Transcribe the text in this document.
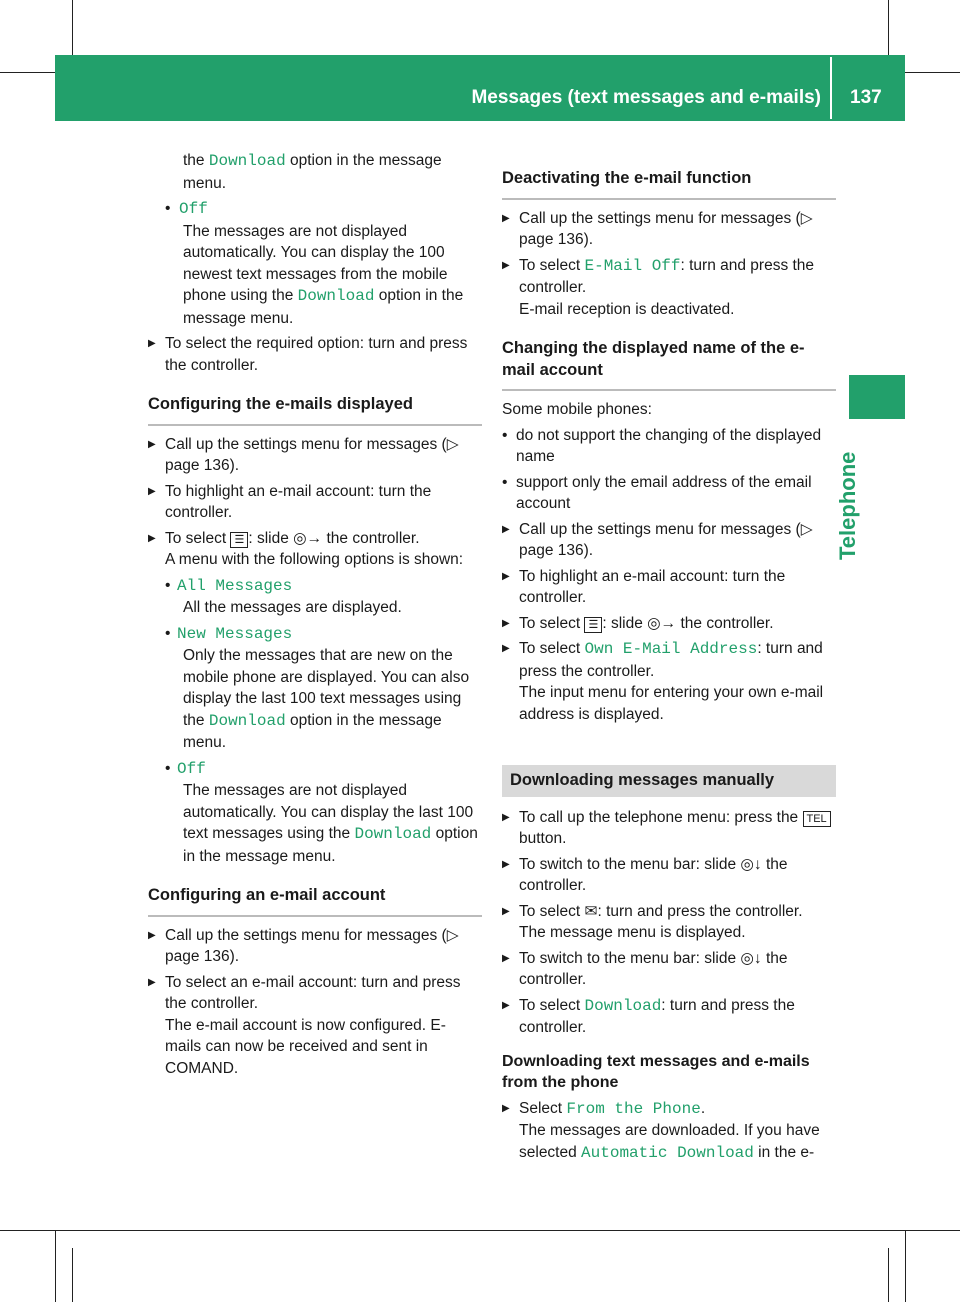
Messages (text messages and e-mails) 137
Telephone

the Download option in the message menu.

• Off

The messages are not displayed automatically. You can display the 100 newest text messages from the mobile phone using the Download option in the message menu.

▶ To select the required option: turn and press the controller.

Configuring the e-mails displayed

▶ Call up the settings menu for messages (▷ page 136).

▶ To highlight an e-mail account: turn the controller.

▶ To select ☰ : slide ◎→ the controller.
A menu with the following options is shown:

• All Messages

All the messages are displayed.

• New Messages

Only the messages that are new on the mobile phone are displayed. You can also display the last 100 text messages using the Download option in the message menu.

• Off

The messages are not displayed automatically. You can display the last 100 text messages using the Download option in the message menu.

Configuring an e-mail account

▶ Call up the settings menu for messages (▷ page 136).

▶ To select an e-mail account: turn and press the controller.
The e-mail account is now configured. E-mails can now be received and sent in COMAND.

Deactivating the e-mail function

▶ Call up the settings menu for messages (▷ page 136).

▶ To select E-Mail Off: turn and press the controller.
E-mail reception is deactivated.

Changing the displayed name of the e-mail account

Some mobile phones:

• do not support the changing of the displayed name

• support only the email address of the email account

▶ Call up the settings menu for messages (▷ page 136).

▶ To highlight an e-mail account: turn the controller.

▶ To select ☰ : slide ◎→ the controller.

▶ To select Own E-Mail Address: turn and press the controller.
The input menu for entering your own e-mail address is displayed.

Downloading messages manually

▶ To call up the telephone menu: press the TEL button.

▶ To switch to the menu bar: slide ◎↓ the controller.

▶ To select ✉: turn and press the controller.
The message menu is displayed.

▶ To switch to the menu bar: slide ◎↓ the controller.

▶ To select Download: turn and press the controller.

Downloading text messages and e-mails from the phone

▶ Select From the Phone.
The messages are downloaded. If you have selected Automatic Download in the e-
